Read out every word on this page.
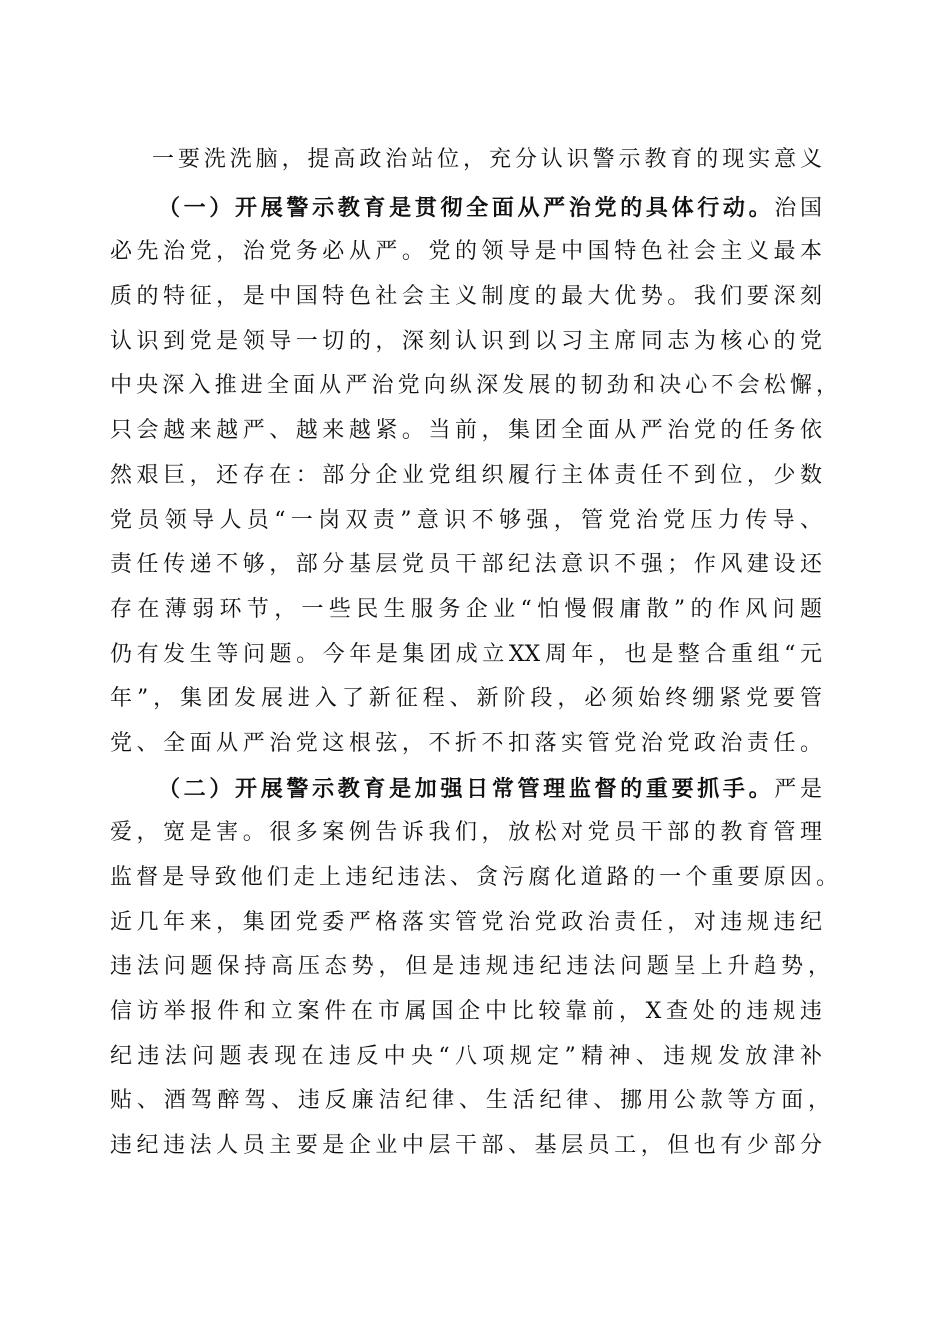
一要洗洗脑，提高政治站位，充分认识警示教育的现实意义
（一）开展警示教育是贯彻全面从严治党的具体行动。治国
必先治党，治党务必从严。党的领导是中国特色社会主义最本
质的特征，是中国特色社会主义制度的最大优势。我们要深刻
认识到党是领导一切的，深刻认识到以习主席同志为核心的党
中央深入推进全面从严治党向纵深发展的韧劲和决心不会松懈，
只会越来越严、越来越紧。当前，集团全面从严治党的任务依
然艰巨，还存在：部分企业党组织履行主体责任不到位，少数
党员领导人员“一岗双责”意识不够强，管党治党压力传导、
责任传递不够，部分基层党员干部纪法意识不强；作风建设还
存在薄弱环节，一些民生服务企业“怕慢假庸散”的作风问题
仍有发生等问题。今年是集团成立XX周年，也是整合重组“元
年”，集团发展进入了新征程、新阶段，必须始终绷紧党要管
党、全面从严治党这根弦，不折不扣落实管党治党政治责任。
（二）开展警示教育是加强日常管理监督的重要抓手。严是
爱，宽是害。很多案例告诉我们，放松对党员干部的教育管理
监督是导致他们走上违纪违法、贪污腐化道路的一个重要原因。
近几年来，集团党委严格落实管党治党政治责任，对违规违纪
违法问题保持高压态势，但是违规违纪违法问题呈上升趋势，
信访举报件和立案件在市属国企中比较靠前，X查处的违规违
纪违法问题表现在违反中央“八项规定”精神、违规发放津补
贴、酒驾醉驾、违反廉洁纪律、生活纪律、挪用公款等方面，
违纪违法人员主要是企业中层干部、基层员工，但也有少部分
